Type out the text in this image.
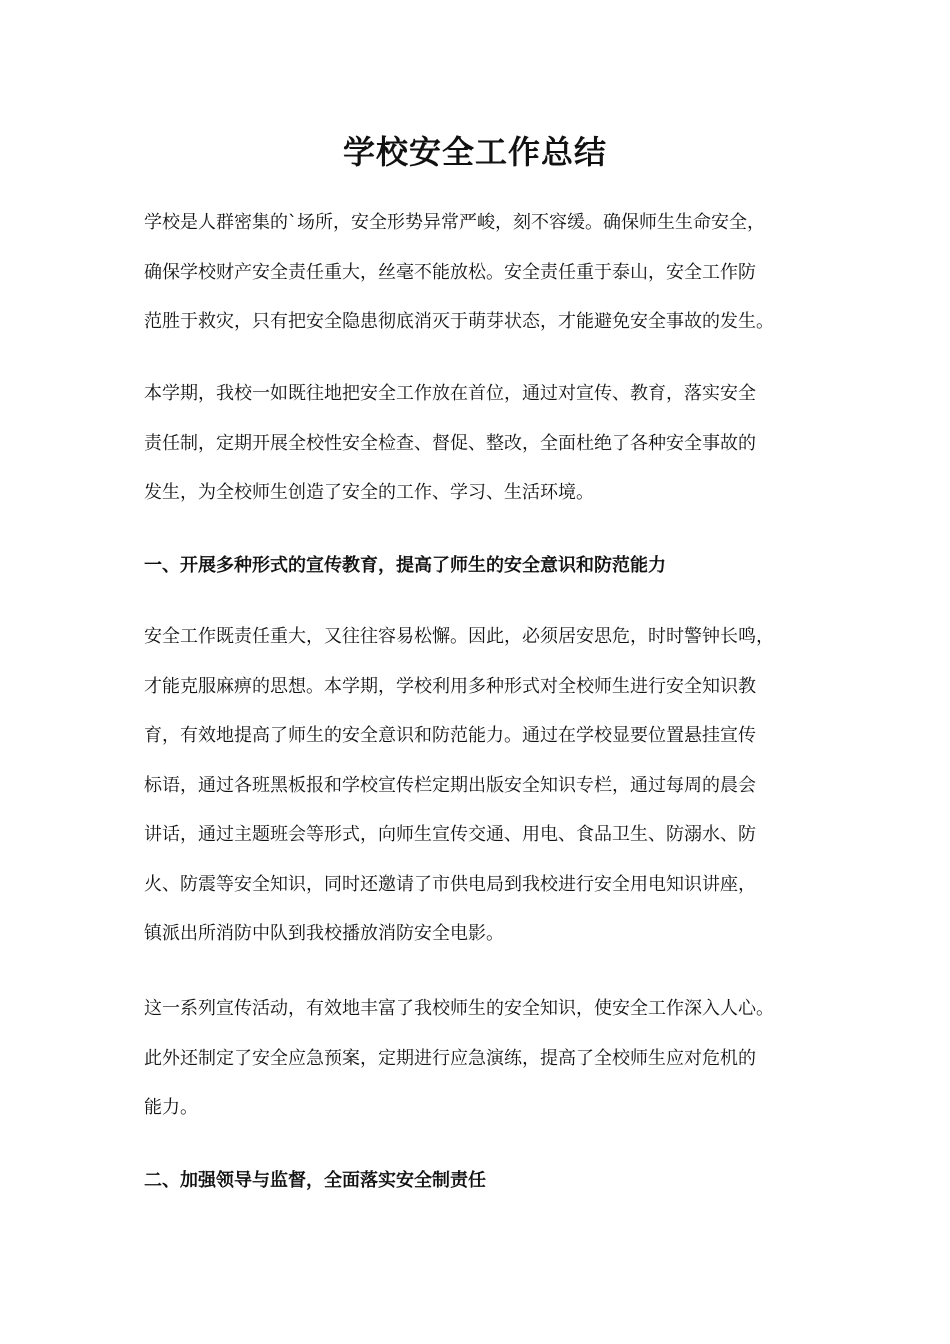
学校安全工作总结
学校是人群密集的`场所，安全形势异常严峻，刻不容缓。确保师生生命安全，
确保学校财产安全责任重大，丝毫不能放松。安全责任重于泰山，安全工作防
范胜于救灾，只有把安全隐患彻底消灭于萌芽状态，才能避免安全事故的发生。
本学期，我校一如既往地把安全工作放在首位，通过对宣传、教育，落实安全
责任制，定期开展全校性安全检查、督促、整改，全面杜绝了各种安全事故的
发生，为全校师生创造了安全的工作、学习、生活环境。
一、开展多种形式的宣传教育，提高了师生的安全意识和防范能力
安全工作既责任重大，又往往容易松懈。因此，必须居安思危，时时警钟长鸣，
才能克服麻痹的思想。本学期，学校利用多种形式对全校师生进行安全知识教
育，有效地提高了师生的安全意识和防范能力。通过在学校显要位置悬挂宣传
标语，通过各班黑板报和学校宣传栏定期出版安全知识专栏，通过每周的晨会
讲话，通过主题班会等形式，向师生宣传交通、用电、食品卫生、防溺水、防
火、防震等安全知识，同时还邀请了市供电局到我校进行安全用电知识讲座，
镇派出所消防中队到我校播放消防安全电影。
这一系列宣传活动，有效地丰富了我校师生的安全知识，使安全工作深入人心。
此外还制定了安全应急预案，定期进行应急演练，提高了全校师生应对危机的
能力。
二、加强领导与监督，全面落实安全制责任
